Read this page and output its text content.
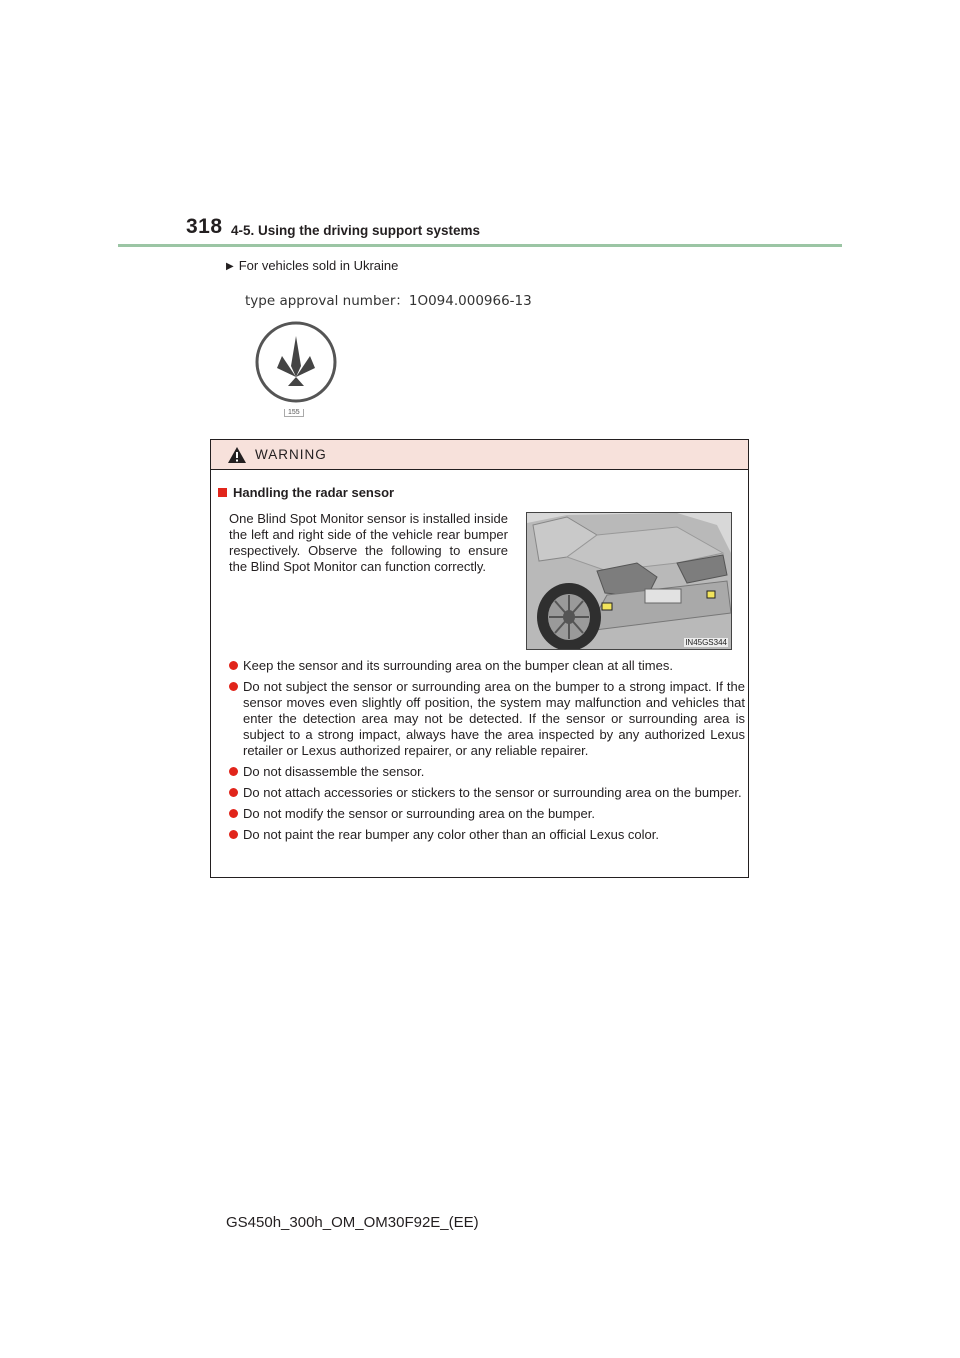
318 4-5. Using the driving support systems
▶ For vehicles sold in Ukraine
type approval number：1O094.000966-13
155
WARNING
Handling the radar sensor
One Blind Spot Monitor sensor is installed inside the left and right side of the vehicle rear bumper respectively. Observe the following to ensure the Blind Spot Monitor can function correctly.
IN45GS344
Keep the sensor and its surrounding area on the bumper clean at all times.
Do not subject the sensor or surrounding area on the bumper to a strong impact. If the sensor moves even slightly off position, the system may malfunction and vehicles that enter the detection area may not be detected. If the sensor or surrounding area is subject to a strong impact, always have the area inspected by any authorized Lexus retailer or Lexus authorized repairer, or any reliable repairer.
Do not disassemble the sensor.
Do not attach accessories or stickers to the sensor or surrounding area on the bumper.
Do not modify the sensor or surrounding area on the bumper.
Do not paint the rear bumper any color other than an official Lexus color.
GS450h_300h_OM_OM30F92E_(EE)
